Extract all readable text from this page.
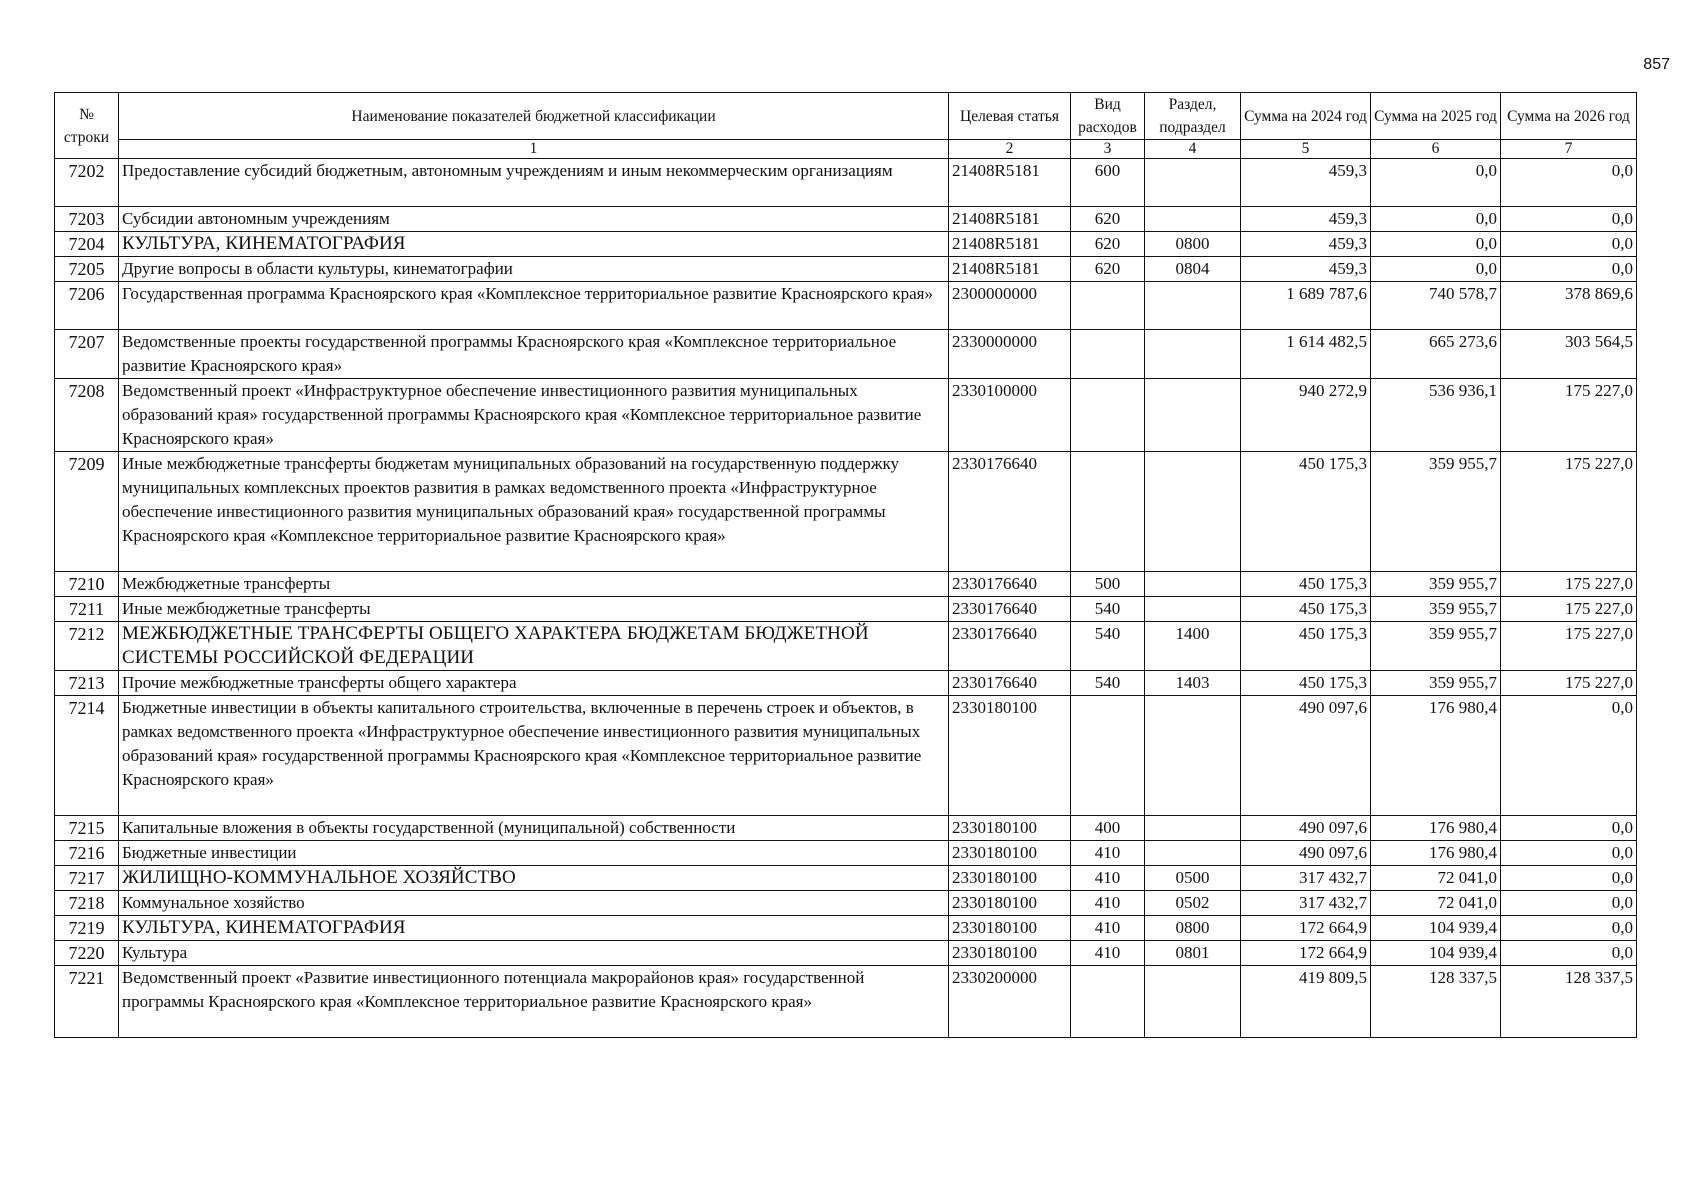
857
№ строки	Наименование показателей бюджетной классификации	Целевая статья	Вид расходов	Раздел, подраздел	Сумма на 2024 год	Сумма на 2025 год	Сумма на 2026 год
	1	2	3	4	5	6	7
7202	Предоставление субсидий бюджетным, автономным учреждениям и иным некоммерческим организациям	21408R5181	600		459,3	0,0	0,0
7203	Субсидии автономным учреждениям	21408R5181	620		459,3	0,0	0,0
7204	КУЛЬТУРА, КИНЕМАТОГРАФИЯ	21408R5181	620	0800	459,3	0,0	0,0
7205	Другие вопросы в области культуры, кинематографии	21408R5181	620	0804	459,3	0,0	0,0
7206	Государственная программа Красноярского края «Комплексное территориальное развитие Красноярского края»	2300000000			1 689 787,6	740 578,7	378 869,6
7207	Ведомственные проекты государственной программы Красноярского края «Комплексное территориальное развитие Красноярского края»	2330000000			1 614 482,5	665 273,6	303 564,5
7208	Ведомственный проект «Инфраструктурное обеспечение инвестиционного развития муниципальных образований края» государственной программы Красноярского края «Комплексное территориальное развитие Красноярского края»	2330100000			940 272,9	536 936,1	175 227,0
7209	Иные межбюджетные трансферты бюджетам муниципальных образований на государственную поддержку муниципальных комплексных проектов развития в рамках ведомственного проекта «Инфраструктурное обеспечение инвестиционного развития муниципальных образований края» государственной программы Красноярского края «Комплексное территориальное развитие Красноярского края»	2330176640			450 175,3	359 955,7	175 227,0
7210	Межбюджетные трансферты	2330176640	500		450 175,3	359 955,7	175 227,0
7211	Иные межбюджетные трансферты	2330176640	540		450 175,3	359 955,7	175 227,0
7212	МЕЖБЮДЖЕТНЫЕ ТРАНСФЕРТЫ ОБЩЕГО ХАРАКТЕРА БЮДЖЕТАМ БЮДЖЕТНОЙ СИСТЕМЫ РОССИЙСКОЙ ФЕДЕРАЦИИ	2330176640	540	1400	450 175,3	359 955,7	175 227,0
7213	Прочие межбюджетные трансферты общего характера	2330176640	540	1403	450 175,3	359 955,7	175 227,0
7214	Бюджетные инвестиции в объекты капитального строительства, включенные в перечень строек и объектов, в рамках ведомственного проекта «Инфраструктурное обеспечение инвестиционного развития муниципальных образований края» государственной программы Красноярского края «Комплексное территориальное развитие Красноярского края»	2330180100			490 097,6	176 980,4	0,0
7215	Капитальные вложения в объекты государственной (муниципальной) собственности	2330180100	400		490 097,6	176 980,4	0,0
7216	Бюджетные инвестиции	2330180100	410		490 097,6	176 980,4	0,0
7217	ЖИЛИЩНО-КОММУНАЛЬНОЕ ХОЗЯЙСТВО	2330180100	410	0500	317 432,7	72 041,0	0,0
7218	Коммунальное хозяйство	2330180100	410	0502	317 432,7	72 041,0	0,0
7219	КУЛЬТУРА, КИНЕМАТОГРАФИЯ	2330180100	410	0800	172 664,9	104 939,4	0,0
7220	Культура	2330180100	410	0801	172 664,9	104 939,4	0,0
7221	Ведомственный проект «Развитие инвестиционного потенциала макрорайонов края» государственной программы Красноярского края «Комплексное территориальное развитие Красноярского края»	2330200000			419 809,5	128 337,5	128 337,5
